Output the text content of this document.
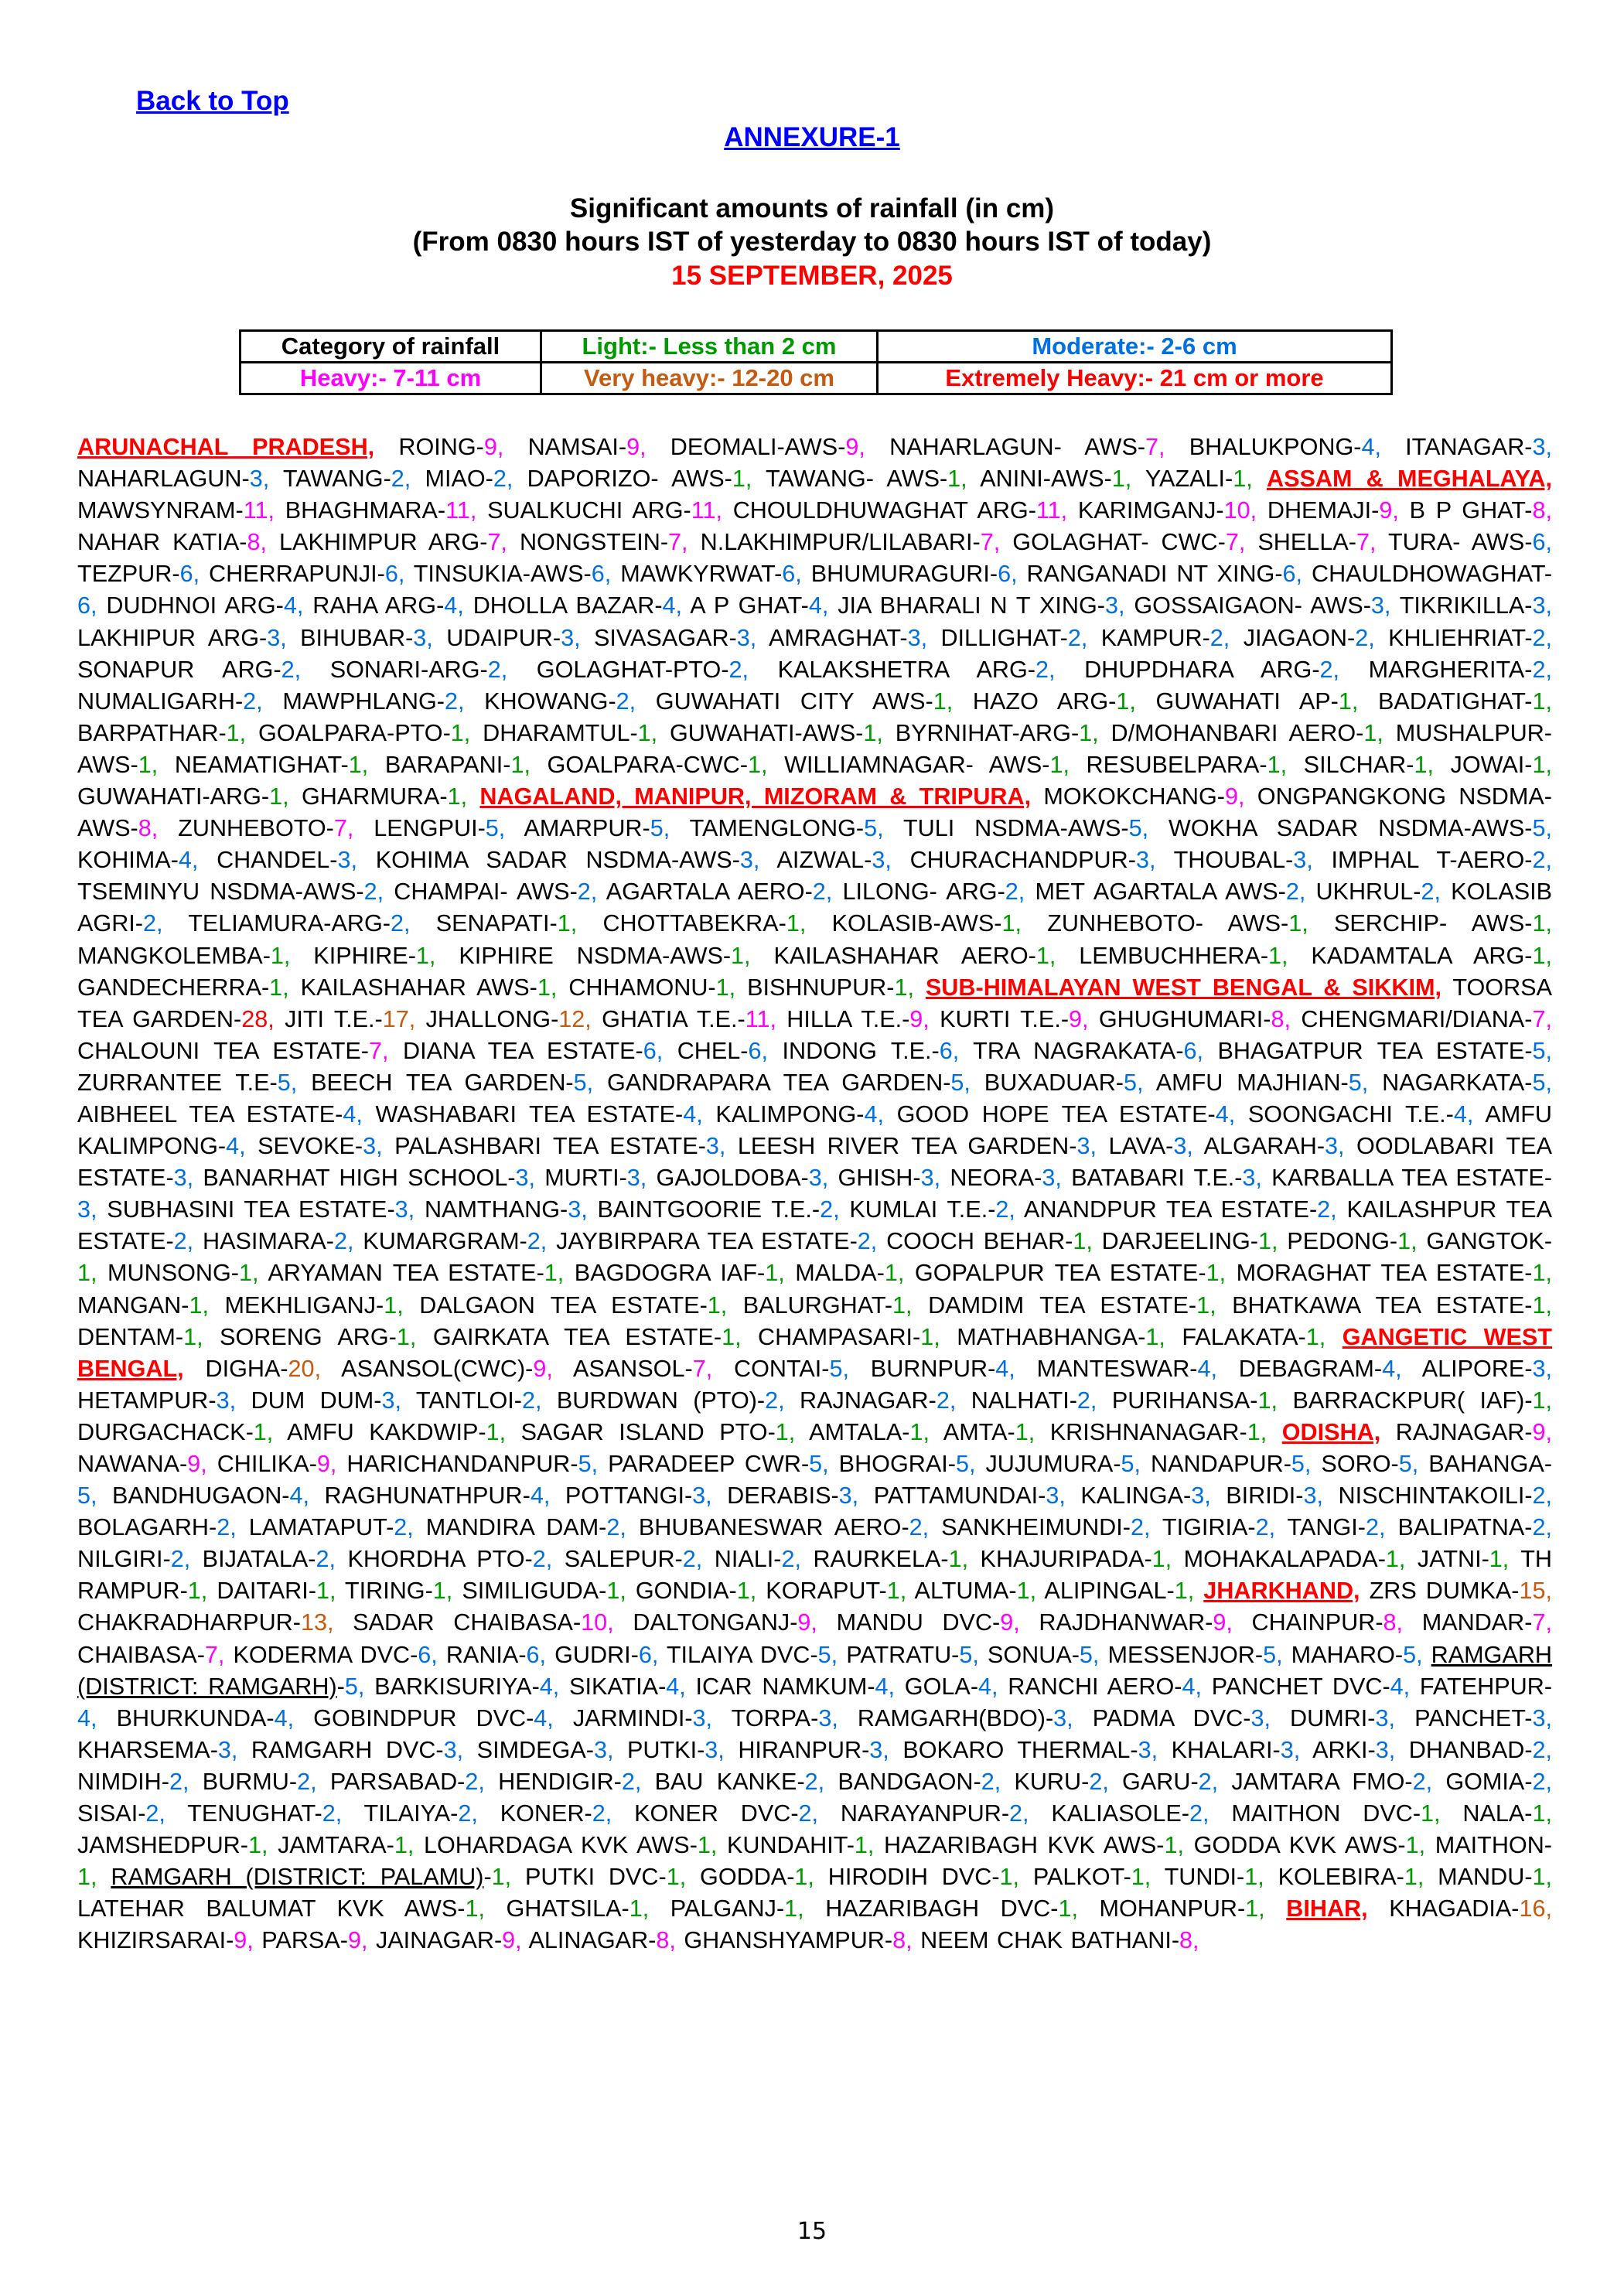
Back to Top
ANNEXURE-1
Significant amounts of rainfall (in cm)
(From 0830 hours IST of yesterday to 0830 hours IST of today)
15 SEPTEMBER, 2025
Category of rainfall	Light:- Less than 2 cm	Moderate:- 2-6 cm
Heavy:- 7-11 cm	Very heavy:- 12-20 cm	Extremely Heavy:- 21 cm or more
ARUNACHAL PRADESH, ROING-9, NAMSAI-9, DEOMALI-AWS-9, NAHARLAGUN- AWS-7, BHALUKPONG-4, ITANAGAR-3, NAHARLAGUN-3, TAWANG-2, MIAO-2, DAPORIZO- AWS-1, TAWANG- AWS-1, ANINI-AWS-1, YAZALI-1, ASSAM & MEGHALAYA, MAWSYNRAM-11, BHAGHMARA-11, SUALKUCHI ARG-11, CHOULDHUWAGHAT ARG-11, KARIMGANJ-10, DHEMAJI-9, B P GHAT-8, NAHAR KATIA-8, LAKHIMPUR ARG-7, NONGSTEIN-7, N.LAKHIMPUR/LILABARI-7, GOLAGHAT- CWC-7, SHELLA-7, TURA- AWS-6, TEZPUR-6, CHERRAPUNJI-6, TINSUKIA-AWS-6, MAWKYRWAT-6, BHUMURAGURI-6, RANGANADI NT XING-6, CHAULDHOWAGHAT-6, DUDHNOI ARG-4, RAHA ARG-4, DHOLLA BAZAR-4, A P GHAT-4, JIA BHARALI N T XING-3, GOSSAIGAON- AWS-3, TIKRIKILLA-3, LAKHIPUR ARG-3, BIHUBAR-3, UDAIPUR-3, SIVASAGAR-3, AMRAGHAT-3, DILLIGHAT-2, KAMPUR-2, JIAGAON-2, KHLIEHRIAT-2, SONAPUR ARG-2, SONARI-ARG-2, GOLAGHAT-PTO-2, KALAKSHETRA ARG-2, DHUPDHARA ARG-2, MARGHERITA-2, NUMALIGARH-2, MAWPHLANG-2, KHOWANG-2, GUWAHATI CITY AWS-1, HAZO ARG-1, GUWAHATI AP-1, BADATIGHAT-1, BARPATHAR-1, GOALPARA-PTO-1, DHARAMTUL-1, GUWAHATI-AWS-1, BYRNIHAT-ARG-1, D/MOHANBARI AERO-1, MUSHALPUR-AWS-1, NEAMATIGHAT-1, BARAPANI-1, GOALPARA-CWC-1, WILLIAMNAGAR- AWS-1, RESUBELPARA-1, SILCHAR-1, JOWAI-1, GUWAHATI-ARG-1, GHARMURA-1, NAGALAND, MANIPUR, MIZORAM & TRIPURA, MOKOKCHANG-9, ONGPANGKONG NSDMA-AWS-8, ZUNHEBOTO-7, LENGPUI-5, AMARPUR-5, TAMENGLONG-5, TULI NSDMA-AWS-5, WOKHA SADAR NSDMA-AWS-5, KOHIMA-4, CHANDEL-3, KOHIMA SADAR NSDMA-AWS-3, AIZWAL-3, CHURACHANDPUR-3, THOUBAL-3, IMPHAL T-AERO-2, TSEMINYU NSDMA-AWS-2, CHAMPAI- AWS-2, AGARTALA AERO-2, LILONG- ARG-2, MET AGARTALA AWS-2, UKHRUL-2, KOLASIB AGRI-2, TELIAMURA-ARG-2, SENAPATI-1, CHOTTABEKRA-1, KOLASIB-AWS-1, ZUNHEBOTO- AWS-1, SERCHIP- AWS-1, MANGKOLEMBA-1, KIPHIRE-1, KIPHIRE NSDMA-AWS-1, KAILASHAHAR AERO-1, LEMBUCHHERA-1, KADAMTALA ARG-1, GANDECHERRA-1, KAILASHAHAR AWS-1, CHHAMONU-1, BISHNUPUR-1, SUB-HIMALAYAN WEST BENGAL & SIKKIM, TOORSA TEA GARDEN-28, JITI T.E.-17, JHALLONG-12, GHATIA T.E.-11, HILLA T.E.-9, KURTI T.E.-9, GHUGHUMARI-8, CHENGMARI/DIANA-7, CHALOUNI TEA ESTATE-7, DIANA TEA ESTATE-6, CHEL-6, INDONG T.E.-6, TRA NAGRAKATA-6, BHAGATPUR TEA ESTATE-5, ZURRANTEE T.E-5, BEECH TEA GARDEN-5, GANDRAPARA TEA GARDEN-5, BUXADUAR-5, AMFU MAJHIAN-5, NAGARKATA-5, AIBHEEL TEA ESTATE-4, WASHABARI TEA ESTATE-4, KALIMPONG-4, GOOD HOPE TEA ESTATE-4, SOONGACHI T.E.-4, AMFU KALIMPONG-4, SEVOKE-3, PALASHBARI TEA ESTATE-3, LEESH RIVER TEA GARDEN-3, LAVA-3, ALGARAH-3, OODLABARI TEA ESTATE-3, BANARHAT HIGH SCHOOL-3, MURTI-3, GAJOLDOBA-3, GHISH-3, NEORA-3, BATABARI T.E.-3, KARBALLA TEA ESTATE-3, SUBHASINI TEA ESTATE-3, NAMTHANG-3, BAINTGOORIE T.E.-2, KUMLAI T.E.-2, ANANDPUR TEA ESTATE-2, KAILASHPUR TEA ESTATE-2, HASIMARA-2, KUMARGRAM-2, JAYBIRPARA TEA ESTATE-2, COOCH BEHAR-1, DARJEELING-1, PEDONG-1, GANGTOK-1, MUNSONG-1, ARYAMAN TEA ESTATE-1, BAGDOGRA IAF-1, MALDA-1, GOPALPUR TEA ESTATE-1, MORAGHAT TEA ESTATE-1, MANGAN-1, MEKHLIGANJ-1, DALGAON TEA ESTATE-1, BALURGHAT-1, DAMDIM TEA ESTATE-1, BHATKAWA TEA ESTATE-1, DENTAM-1, SORENG ARG-1, GAIRKATA TEA ESTATE-1, CHAMPASARI-1, MATHABHANGA-1, FALAKATA-1, GANGETIC WEST BENGAL, DIGHA-20, ASANSOL(CWC)-9, ASANSOL-7, CONTAI-5, BURNPUR-4, MANTESWAR-4, DEBAGRAM-4, ALIPORE-3, HETAMPUR-3, DUM DUM-3, TANTLOI-2, BURDWAN (PTO)-2, RAJNAGAR-2, NALHATI-2, PURIHANSA-1, BARRACKPUR( IAF)-1, DURGACHACK-1, AMFU KAKDWIP-1, SAGAR ISLAND PTO-1, AMTALA-1, AMTA-1, KRISHNANAGAR-1, ODISHA, RAJNAGAR-9, NAWANA-9, CHILIKA-9, HARICHANDANPUR-5, PARADEEP CWR-5, BHOGRAI-5, JUJUMURA-5, NANDAPUR-5, SORO-5, BAHANGA-5, BANDHUGAON-4, RAGHUNATHPUR-4, POTTANGI-3, DERABIS-3, PATTAMUNDAI-3, KALINGA-3, BIRIDI-3, NISCHINTAKOILI-2, BOLAGARH-2, LAMATAPUT-2, MANDIRA DAM-2, BHUBANESWAR AERO-2, SANKHEIMUNDI-2, TIGIRIA-2, TANGI-2, BALIPATNA-2, NILGIRI-2, BIJATALA-2, KHORDHA PTO-2, SALEPUR-2, NIALI-2, RAURKELA-1, KHAJURIPADA-1, MOHAKALAPADA-1, JATNI-1, TH RAMPUR-1, DAITARI-1, TIRING-1, SIMILIGUDA-1, GONDIA-1, KORAPUT-1, ALTUMA-1, ALIPINGAL-1, JHARKHAND, ZRS DUMKA-15, CHAKRADHARPUR-13, SADAR CHAIBASA-10, DALTONGANJ-9, MANDU DVC-9, RAJDHANWAR-9, CHAINPUR-8, MANDAR-7, CHAIBASA-7, KODERMA DVC-6, RANIA-6, GUDRI-6, TILAIYA DVC-5, PATRATU-5, SONUA-5, MESSENJOR-5, MAHARO-5, RAMGARH (DISTRICT: RAMGARH)-5, BARKISURIYA-4, SIKATIA-4, ICAR NAMKUM-4, GOLA-4, RANCHI AERO-4, PANCHET DVC-4, FATEHPUR-4, BHURKUNDA-4, GOBINDPUR DVC-4, JARMINDI-3, TORPA-3, RAMGARH(BDO)-3, PADMA DVC-3, DUMRI-3, PANCHET-3, KHARSEMA-3, RAMGARH DVC-3, SIMDEGA-3, PUTKI-3, HIRANPUR-3, BOKARO THERMAL-3, KHALARI-3, ARKI-3, DHANBAD-2, NIMDIH-2, BURMU-2, PARSABAD-2, HENDIGIR-2, BAU KANKE-2, BANDGAON-2, KURU-2, GARU-2, JAMTARA FMO-2, GOMIA-2, SISAI-2, TENUGHAT-2, TILAIYA-2, KONER-2, KONER DVC-2, NARAYANPUR-2, KALIASOLE-2, MAITHON DVC-1, NALA-1, JAMSHEDPUR-1, JAMTARA-1, LOHARDAGA KVK AWS-1, KUNDAHIT-1, HAZARIBAGH KVK AWS-1, GODDA KVK AWS-1, MAITHON-1, RAMGARH (DISTRICT: PALAMU)-1, PUTKI DVC-1, GODDA-1, HIRODIH DVC-1, PALKOT-1, TUNDI-1, KOLEBIRA-1, MANDU-1, LATEHAR BALUMAT KVK AWS-1, GHATSILA-1, PALGANJ-1, HAZARIBAGH DVC-1, MOHANPUR-1, BIHAR, KHAGADIA-16, KHIZIRSARAI-9, PARSA-9, JAINAGAR-9, ALINAGAR-8, GHANSHYAMPUR-8, NEEM CHAK BATHANI-8,
15
